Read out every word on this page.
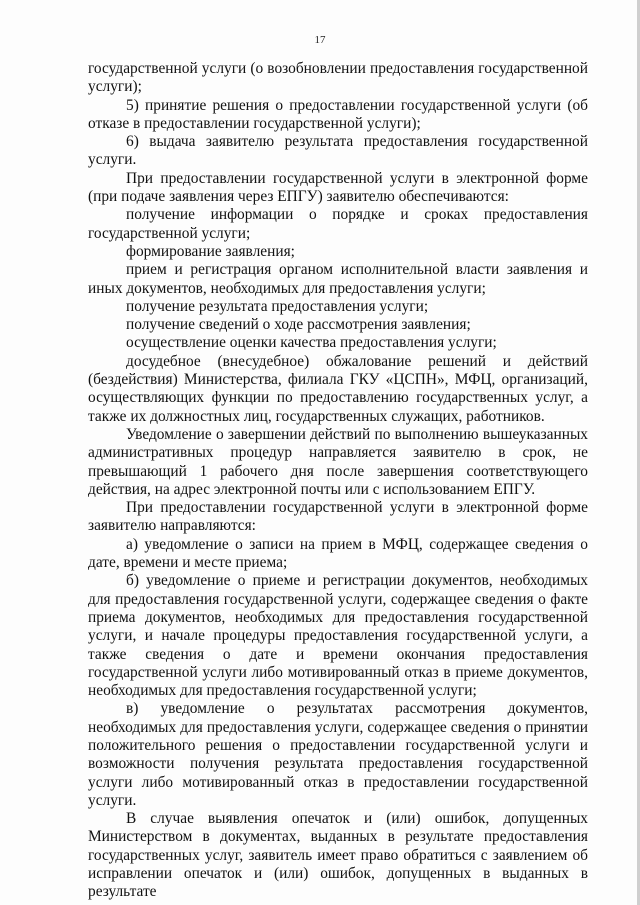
17

государственной услуги (о возобновлении предоставления государственной услуги);

5) принятие решения о предоставлении государственной услуги (об отказе в предоставлении государственной услуги);

6) выдача заявителю результата предоставления государственной услуги.

При предоставлении государственной услуги в электронной форме (при подаче заявления через ЕПГУ) заявителю обеспечиваются:

получение информации о порядке и сроках предоставления государственной услуги;

формирование заявления;

прием и регистрация органом исполнительной власти заявления и иных документов, необходимых для предоставления услуги;

получение результата предоставления услуги;

получение сведений о ходе рассмотрения заявления;

осуществление оценки качества предоставления услуги;

досудебное (внесудебное) обжалование решений и действий (бездействия) Министерства, филиала ГКУ «ЦСПН», МФЦ, организаций, осуществляющих функции по предоставлению государственных услуг, а также их должностных лиц, государственных служащих, работников.

Уведомление о завершении действий по выполнению вышеуказанных административных процедур направляется заявителю в срок, не превышающий 1 рабочего дня после завершения соответствующего действия, на адрес электронной почты или с использованием ЕПГУ.

При предоставлении государственной услуги в электронной форме заявителю направляются:

а) уведомление о записи на прием в МФЦ, содержащее сведения о дате, времени и месте приема;

б) уведомление о приеме и регистрации документов, необходимых для предоставления государственной услуги, содержащее сведения о факте приема документов, необходимых для предоставления государственной услуги, и начале процедуры предоставления государственной услуги, а также сведения о дате и времени окончания предоставления государственной услуги либо мотивированный отказ в приеме документов, необходимых для предоставления государственной услуги;

в) уведомление о результатах рассмотрения документов, необходимых для предоставления услуги, содержащее сведения о принятии положительного решения о предоставлении государственной услуги и возможности получения результата предоставления государственной услуги либо мотивированный отказ в предоставлении государственной услуги.

В случае выявления опечаток и (или) ошибок, допущенных Министерством в документах, выданных в результате предоставления государственных услуг, заявитель имеет право обратиться с заявлением об исправлении опечаток и (или) ошибок, допущенных в выданных в результате
